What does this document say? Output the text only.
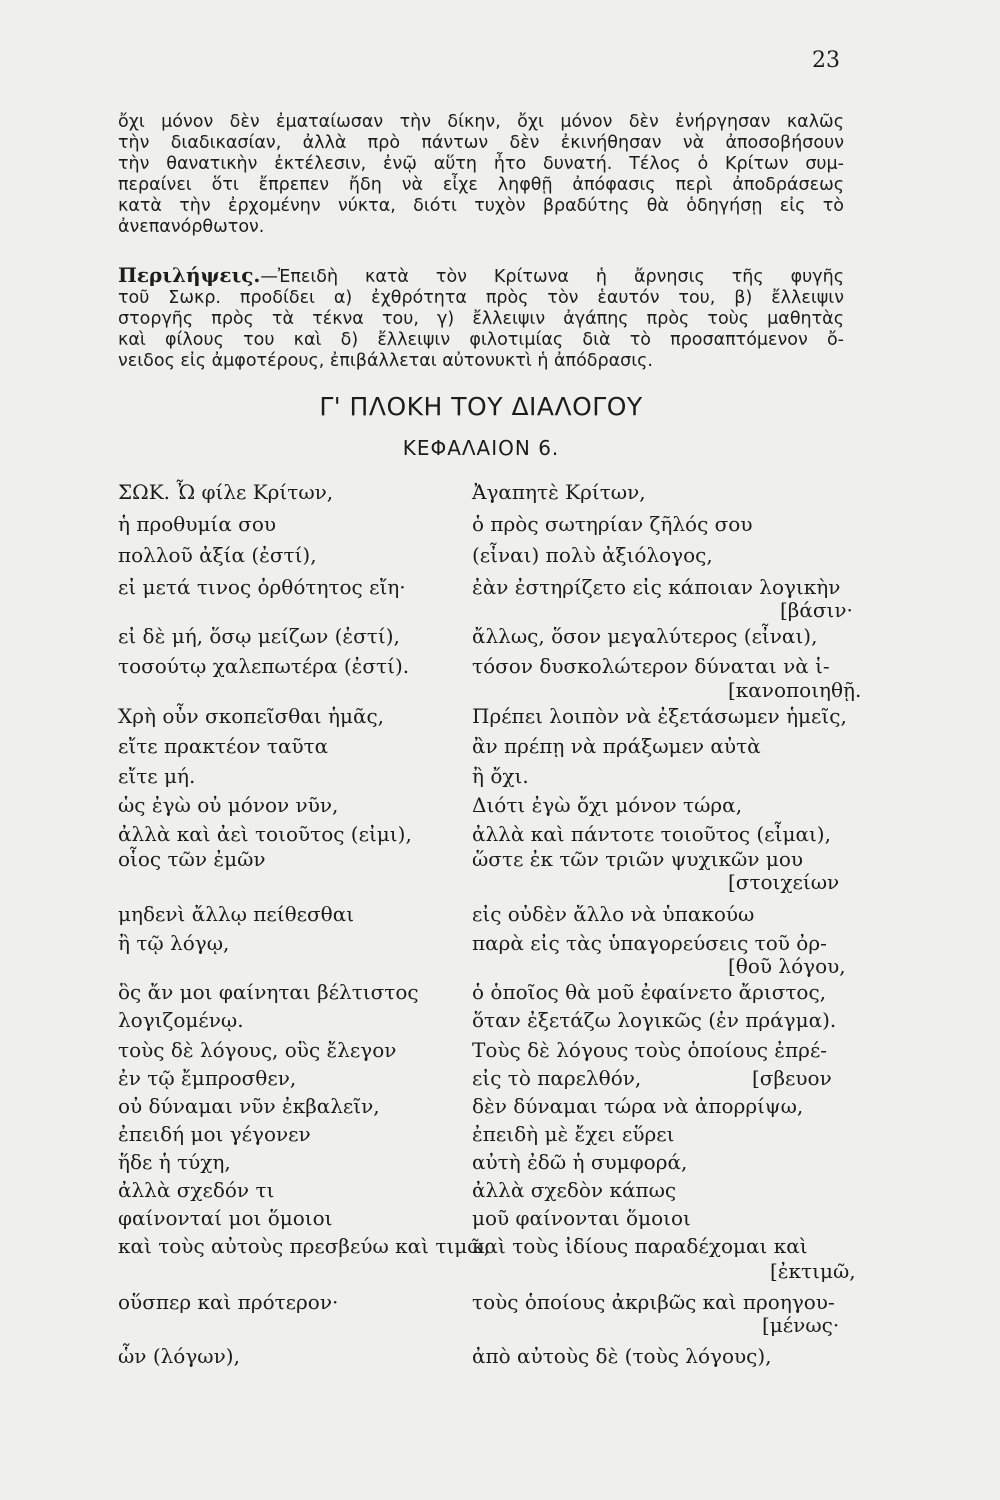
23
ὄχι μόνον δὲν ἐματαίωσαν τὴν δίκην, ὄχι μόνον δὲν ἐνήργησαν καλῶς
τὴν διαδικασίαν, ἀλλὰ πρὸ πάντων δὲν ἐκινήθησαν νὰ ἀποσοβήσουν
τὴν θανατικὴν ἐκτέλεσιν, ἐνῷ αὕτη ἦτο δυνατή. Τέλος ὁ Κρίτων συμ-
περαίνει ὅτι ἔπρεπεν ἤδη νὰ εἶχε ληφθῇ ἀπόφασις περὶ ἀποδράσεως
κατὰ τὴν ἐρχομένην νύκτα, διότι τυχὸν βραδύτης θὰ ὁδηγήσῃ εἰς τὸ
ἀνεπανόρθωτον.
Περιλήψεις.—Ἐπειδὴ κατὰ τὸν Κρίτωνα ἡ ἄρνησις τῆς φυγῆς
τοῦ Σωκρ. προδίδει α) ἐχθρότητα πρὸς τὸν ἑαυτόν του, β) ἔλλειψιν
στοργῆς πρὸς τὰ τέκνα του, γ) ἔλλειψιν ἀγάπης πρὸς τοὺς μαθητὰς
καὶ φίλους του καὶ δ) ἔλλειψιν φιλοτιμίας διὰ τὸ προσαπτόμενον ὄ-
νειδος εἰς ἀμφοτέρους, ἐπιβάλλεται αὐτονυκτὶ ἡ ἀπόδρασις.
Γ' ΠΛΟΚΗ ΤΟΥ ΔΙΑΛΟΓΟΥ
ΚΕΦΑΛΑΙΟΝ 6.
ΣΩΚ. Ὦ φίλε Κρίτων,
ἡ προθυμία σου
πολλοῦ ἀξία (ἐστί),
εἰ μετά τινος ὀρθότητος εἴη·
εἰ δὲ μή, ὅσῳ μείζων (ἐστί),
τοσούτῳ χαλεπωτέρα (ἐστί).
Χρὴ οὖν σκοπεῖσθαι ἡμᾶς,
εἴτε πρακτέον ταῦτα
εἴτε μή.
ὡς ἐγὼ οὐ μόνον νῦν,
ἀλλὰ καὶ ἀεὶ τοιοῦτος (εἰμι),
οἷος τῶν ἐμῶν
μηδενὶ ἄλλῳ πείθεσθαι
ἢ τῷ λόγῳ,
ὃς ἄν μοι φαίνηται βέλτιστος
λογιζομένῳ.
τοὺς δὲ λόγους, οὓς ἔλεγον
ἐν τῷ ἔμπροσθεν,
οὐ δύναμαι νῦν ἐκβαλεῖν,
ἐπειδή μοι γέγονεν
ἥδε ἡ τύχη,
ἀλλὰ σχεδόν τι
φαίνονταί μοι ὅμοιοι
καὶ τοὺς αὐτοὺς πρεσβεύω καὶ τιμῶ,
οὕσπερ καὶ πρότερον·
ὧν (λόγων),
Ἀγαπητὲ Κρίτων,
ὁ πρὸς σωτηρίαν ζῆλός σου
(εἶναι) πολὺ ἀξιόλογος,
ἐὰν ἐστηρίζετο εἰς κάποιαν λογικὴν
[βάσιν·
ἄλλως, ὅσον μεγαλύτερος (εἶναι),
τόσον δυσκολώτερον δύναται νὰ ἱ-
[κανοποιηθῇ.
Πρέπει λοιπὸν νὰ ἐξετάσωμεν ἡμεῖς,
ἂν πρέπῃ νὰ πράξωμεν αὐτὰ
ἢ ὄχι.
Διότι ἐγὼ ὄχι μόνον τώρα,
ἀλλὰ καὶ πάντοτε τοιοῦτος (εἶμαι),
ὥστε ἐκ τῶν τριῶν ψυχικῶν μου
[στοιχείων
εἰς οὐδὲν ἄλλο νὰ ὑπακούω
παρὰ εἰς τὰς ὑπαγορεύσεις τοῦ ὀρ-
[θοῦ λόγου,
ὁ ὁποῖος θὰ μοῦ ἐφαίνετο ἄριστος,
ὅταν ἐξετάζω λογικῶς (ἐν πράγμα).
Τοὺς δὲ λόγους τοὺς ὁποίους ἐπρέ-
εἰς τὸ παρελθόν,	[σβευον
δὲν δύναμαι τώρα νὰ ἀπορρίψω,
ἐπειδὴ μὲ ἔχει εὕρει
αὐτὴ ἐδῶ ἡ συμφορά,
ἀλλὰ σχεδὸν κάπως
μοῦ φαίνονται ὅμοιοι
καὶ τοὺς ἰδίους παραδέχομαι καὶ
[ἐκτιμῶ,
τοὺς ὁποίους ἀκριβῶς καὶ προηγου-
[μένως·
ἀπὸ αὐτοὺς δὲ (τοὺς λόγους),
